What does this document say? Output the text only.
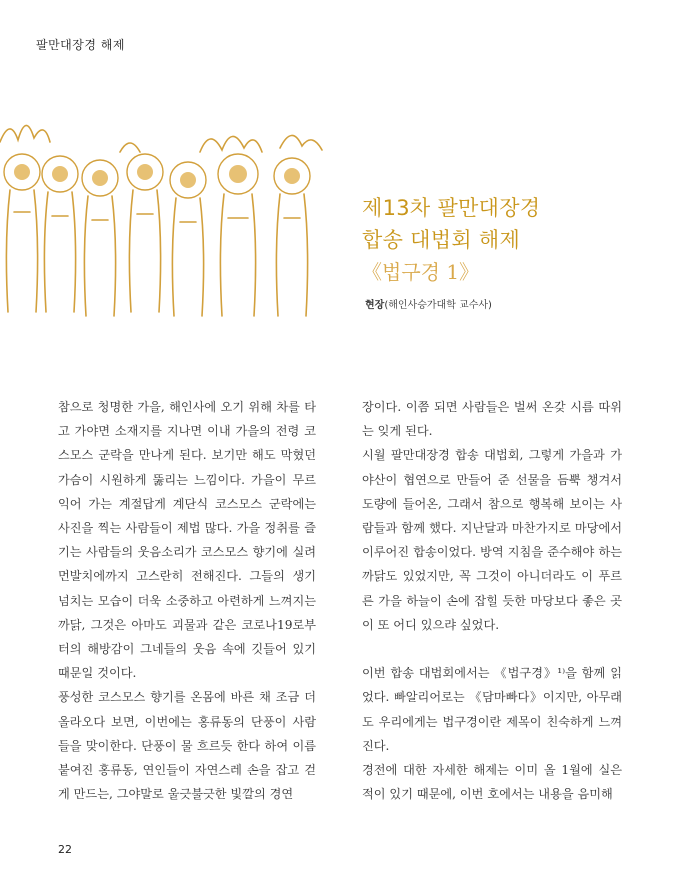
팔만대장경 해제
제13차 팔만대장경
합송 대법회 해제
《법구경 1》
현장(해인사승가대학 교수사)

참으로 청명한 가을, 해인사에 오기 위해 차를 타고 가야면 소재지를 지나면 이내 가을의 전령 코스모스 군락을 만나게 된다. 보기만 해도 막혔던 가슴이 시원하게 뚫리는 느낌이다. 가을이 무르익어 가는 계절답게 계단식 코스모스 군락에는 사진을 찍는 사람들이 제법 많다. 가을 정취를 즐기는 사람들의 웃음소리가 코스모스 향기에 실려 먼발치에까지 고스란히 전해진다. 그들의 생기 넘치는 모습이 더욱 소중하고 아련하게 느껴지는 까닭, 그것은 아마도 괴물과 같은 코로나19로부터의 해방감이 그네들의 웃음 속에 깃들어 있기 때문일 것이다.

풍성한 코스모스 향기를 온몸에 바른 채 조금 더 올라오다 보면, 이번에는 홍류동의 단풍이 사람들을 맞이한다. 단풍이 물 흐르듯 한다 하여 이름 붙여진 홍류동, 연인들이 자연스레 손을 잡고 걷게 만드는, 그야말로 울긋불긋한 빛깔의 경연

장이다. 이쯤 되면 사람들은 벌써 온갖 시름 따위는 잊게 된다.

시월 팔만대장경 합송 대법회, 그렇게 가을과 가야산이 협연으로 만들어 준 선물을 듬뿍 챙겨서 도량에 들어온, 그래서 참으로 행복해 보이는 사람들과 함께 했다. 지난달과 마찬가지로 마당에서 이루어진 합송이었다. 방역 지침을 준수해야 하는 까닭도 있었지만, 꼭 그것이 아니더라도 이 푸르른 가을 하늘이 손에 잡힐 듯한 마당보다 좋은 곳이 또 어디 있으랴 싶었다.

이번 합송 대법회에서는 《법구경》¹⁾을 함께 읽었다. 빠알리어로는 《담마빠다》이지만, 아무래도 우리에게는 법구경이란 제목이 친숙하게 느껴진다.

경전에 대한 자세한 해제는 이미 올 1월에 실은 적이 있기 때문에, 이번 호에서는 내용을 음미해

22
